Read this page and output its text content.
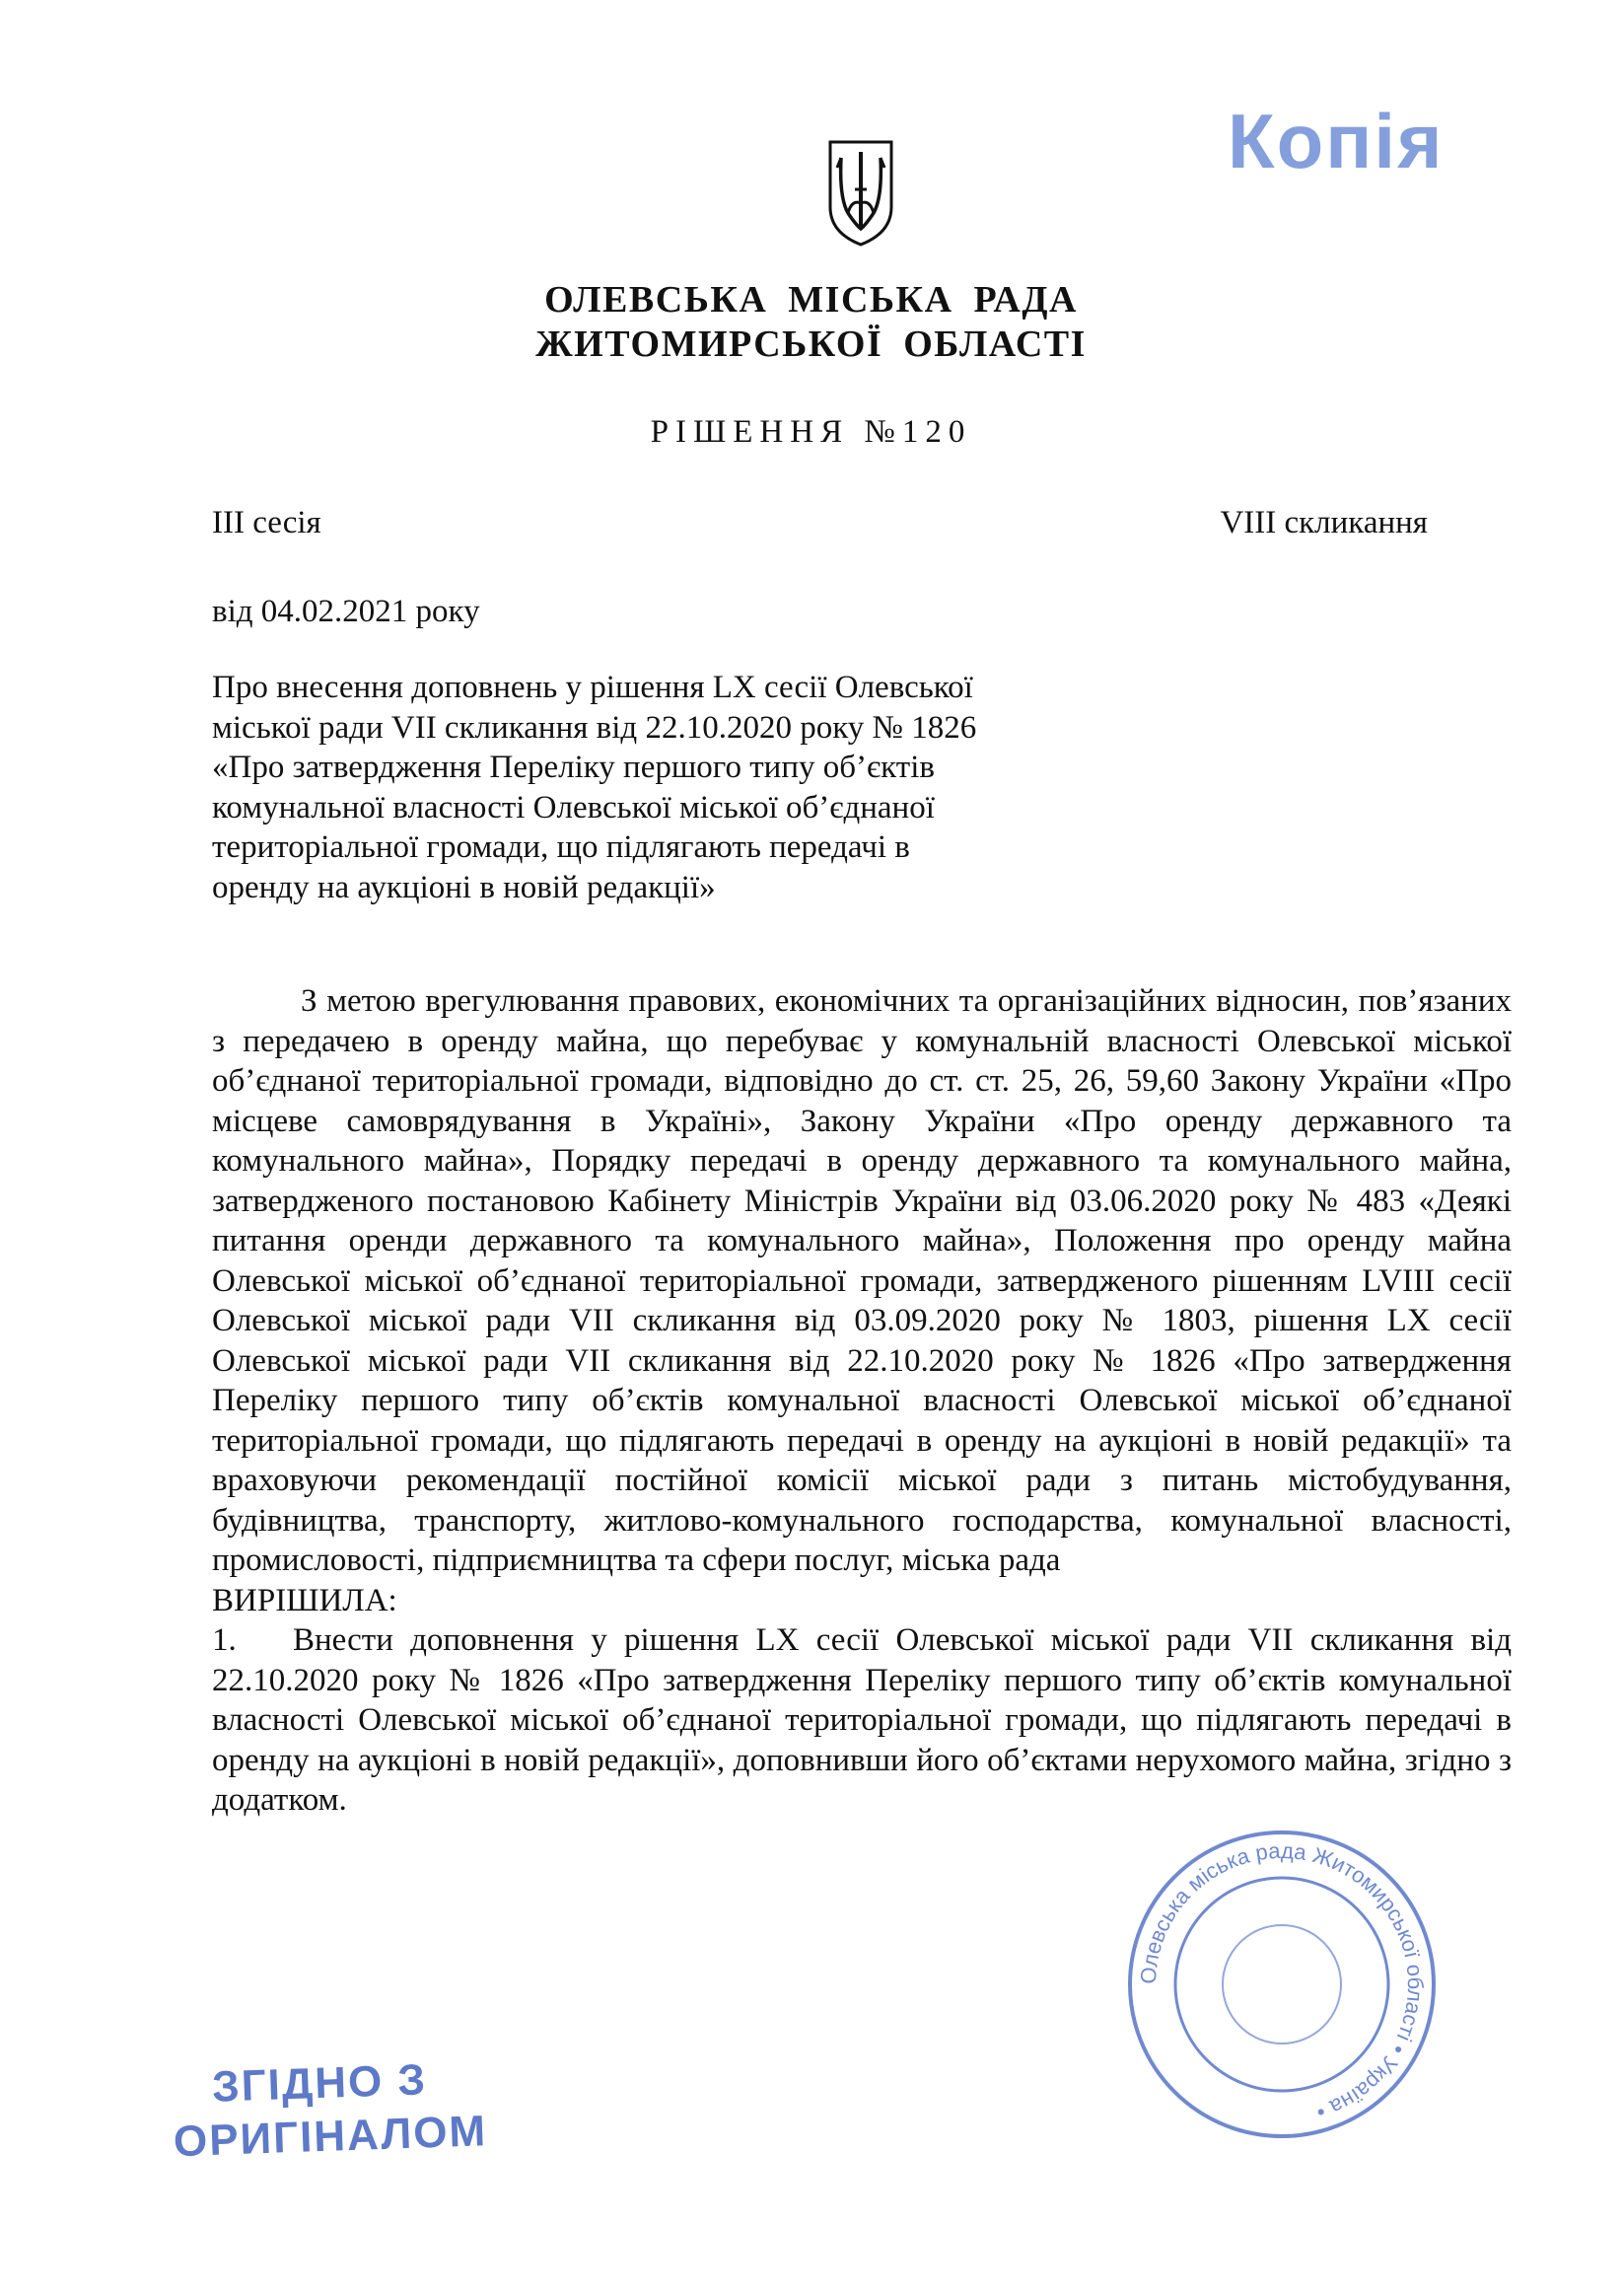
Копія
ОЛЕВСЬКА МІСЬКА РАДА
ЖИТОМИРСЬКОЇ ОБЛАСТІ
РІШЕННЯ №120
ІІІ сесія	VIII скликання
від 04.02.2021 року
Про внесення доповнень у рішення LX сесії Олевської
міської ради VІІ скликання від 22.10.2020 року № 1826
«Про затвердження Переліку першого типу об’єктів
комунальної власності Олевської міської об’єднаної
територіальної громади, що підлягають передачі в
оренду на аукціоні в новій редакції»

З метою врегулювання правових, економічних та організаційних відносин, пов’язаних з передачею в оренду майна, що перебуває у комунальній власності Олевської міської об’єднаної територіальної громади, відповідно до ст. ст. 25, 26, 59,60 Закону України «Про місцеве самоврядування в Україні», Закону України «Про оренду державного та комунального майна», Порядку передачі в оренду державного та комунального майна, затвердженого постановою Кабінету Міністрів України від 03.06.2020 року № 483 «Деякі питання оренди державного та комунального майна», Положення про оренду майна Олевської міської об’єднаної територіальної громади, затвердженого рішенням LVIII сесії Олевської міської ради VІІ скликання від 03.09.2020 року № 1803, рішення LX сесії Олевської міської ради VІІ скликання від 22.10.2020 року № 1826 «Про затвердження Переліку першого типу об’єктів комунальної власності Олевської міської об’єднаної територіальної громади, що підлягають передачі в оренду на аукціоні в новій редакції» та враховуючи рекомендації постійної комісії міської ради з питань містобудування, будівництва, транспорту, житлово-комунального господарства, комунальної власності, промисловості, підприємництва та сфери послуг, міська рада

ВИРІШИЛА:

1. Внести доповнення у рішення LX сесії Олевської міської ради VІІ скликання від 22.10.2020 року № 1826 «Про затвердження Переліку першого типу об’єктів комунальної власності Олевської міської об’єднаної територіальної громади, що підлягають передачі в оренду на аукціоні в новій редакції», доповнивши його об’єктами нерухомого майна, згідно з додатком.

ЗГІДНО З
ОРИГІНАЛОМ
Олевська міська рада Житомирської області • Україна •
